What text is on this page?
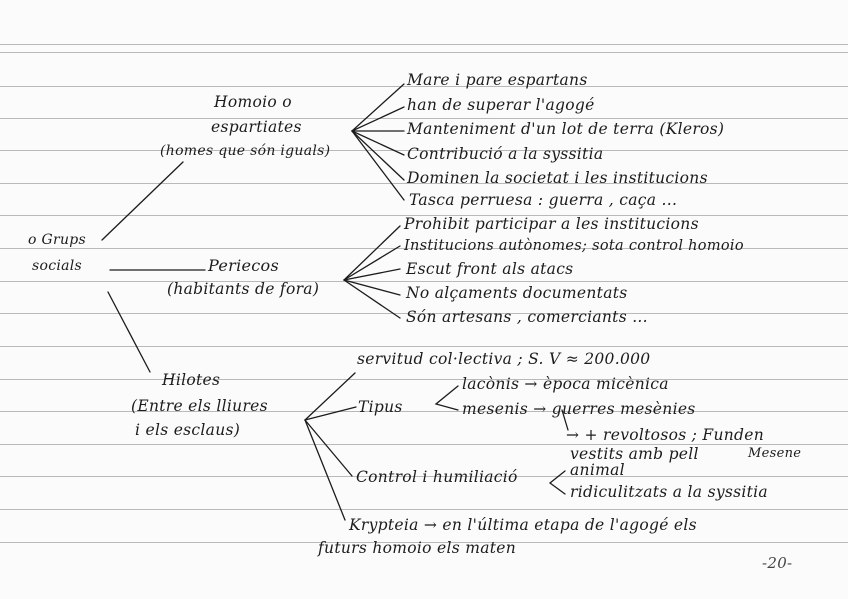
o Grups
socials
Homoio o
espartiates
(homes que són iguals)
Mare i pare espartans
han de superar l'agogé
Manteniment d'un lot de terra (Kleros)
Contribució a la syssitia
Dominen la societat i les institucions
Tasca perruesa : guerra , caça ...
Periecos
(habitants de fora)
Prohibit participar a les institucions
Institucions autònomes; sota control homoio
Escut front als atacs
No alçaments documentats
Són artesans , comerciants ...
Hilotes
(Entre els lliures
i els esclaus)
servitud col·lectiva ; S. V ≈ 200.000
Tipus
lacònis → època micènica
mesenis → guerres mesènies
→ + revoltosos ; Funden
Mesene
Control i humiliació
vestits amb pell
animal
ridiculitzats a la syssitia
Krypteia → en l'última etapa de l'agogé els
futurs homoio els maten
-20-
